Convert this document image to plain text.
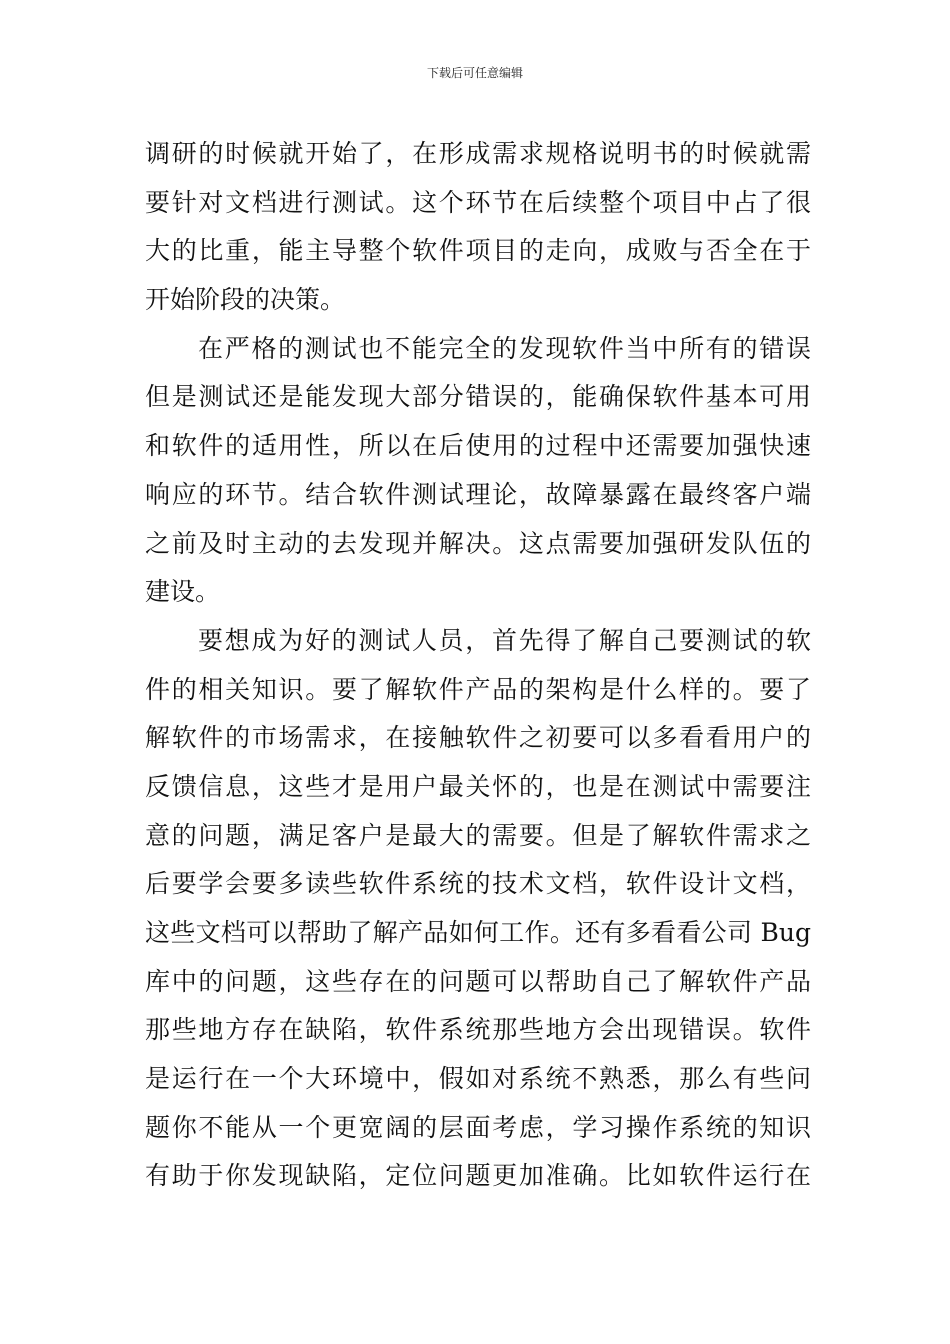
下载后可任意编辑
调研的时候就开始了，在形成需求规格说明书的时候就需
要针对文档进行测试。这个环节在后续整个项目中占了很
大的比重，能主导整个软件项目的走向，成败与否全在于
开始阶段的决策。
在严格的测试也不能完全的发现软件当中所有的错误
但是测试还是能发现大部分错误的，能确保软件基本可用
和软件的适用性，所以在后使用的过程中还需要加强快速
响应的环节。结合软件测试理论，故障暴露在最终客户端
之前及时主动的去发现并解决。这点需要加强研发队伍的
建设。
要想成为好的测试人员，首先得了解自己要测试的软
件的相关知识。要了解软件产品的架构是什么样的。要了
解软件的市场需求，在接触软件之初要可以多看看用户的
反馈信息，这些才是用户最关怀的，也是在测试中需要注
意的问题，满足客户是最大的需要。但是了解软件需求之
后要学会要多读些软件系统的技术文档，软件设计文档，
这些文档可以帮助了解产品如何工作。还有多看看公司 Bug
库中的问题，这些存在的问题可以帮助自己了解软件产品
那些地方存在缺陷，软件系统那些地方会出现错误。软件
是运行在一个大环境中，假如对系统不熟悉，那么有些问
题你不能从一个更宽阔的层面考虑，学习操作系统的知识
有助于你发现缺陷，定位问题更加准确。比如软件运行在
